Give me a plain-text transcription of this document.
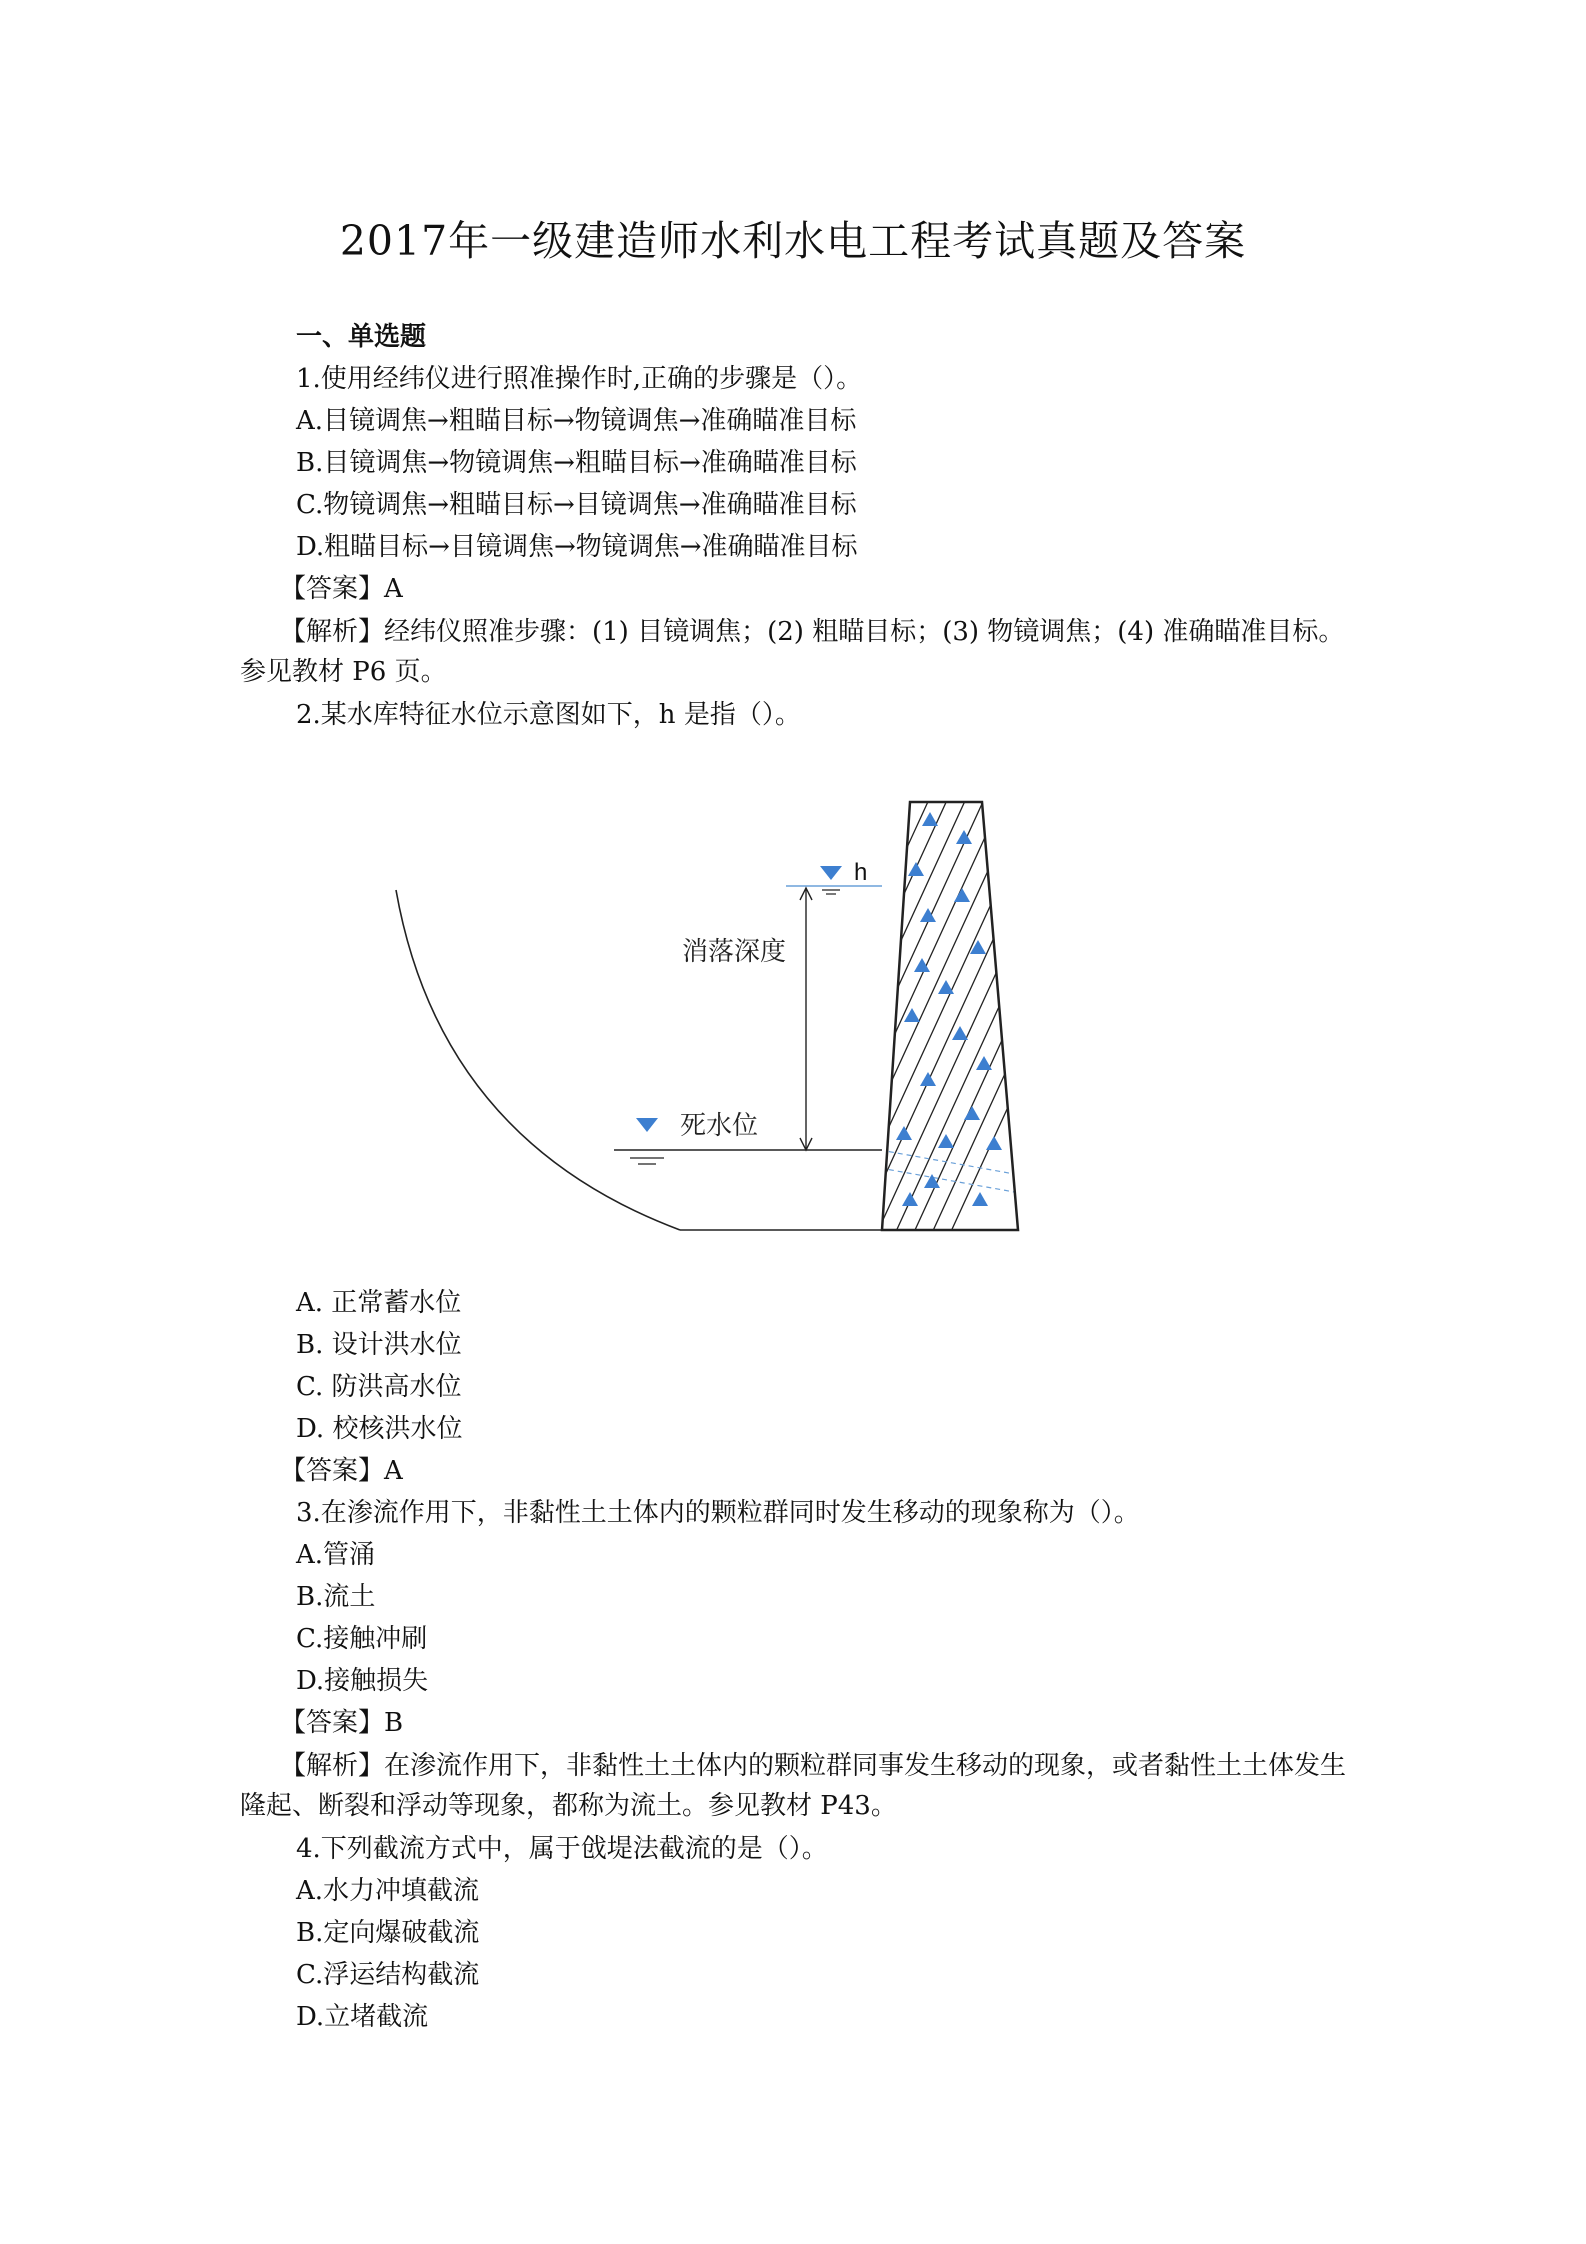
2017年一级建造师水利水电工程考试真题及答案
一、单选题
1.使用经纬仪进行照准操作时,正确的步骤是（）。
A.目镜调焦→粗瞄目标→物镜调焦→准确瞄准目标
B.目镜调焦→物镜调焦→粗瞄目标→准确瞄准目标
C.物镜调焦→粗瞄目标→目镜调焦→准确瞄准目标
D.粗瞄目标→目镜调焦→物镜调焦→准确瞄准目标
【答案】A
【解析】经纬仪照准步骤：(1) 目镜调焦；(2) 粗瞄目标；(3) 物镜调焦；(4) 准确瞄准目标。参见教材 P6 页。
2.某水库特征水位示意图如下，h 是指（）。
h
消落深度
死水位
A. 正常蓄水位
B. 设计洪水位
C. 防洪高水位
D. 校核洪水位
【答案】A
3.在渗流作用下，非黏性土土体内的颗粒群同时发生移动的现象称为（）。
A.管涌
B.流土
C.接触冲刷
D.接触损失
【答案】B
【解析】在渗流作用下，非黏性土土体内的颗粒群同事发生移动的现象，或者黏性土土体发生隆起、断裂和浮动等现象，都称为流土。参见教材 P43。
4.下列截流方式中，属于戗堤法截流的是（）。
A.水力冲填截流
B.定向爆破截流
C.浮运结构截流
D.立堵截流
